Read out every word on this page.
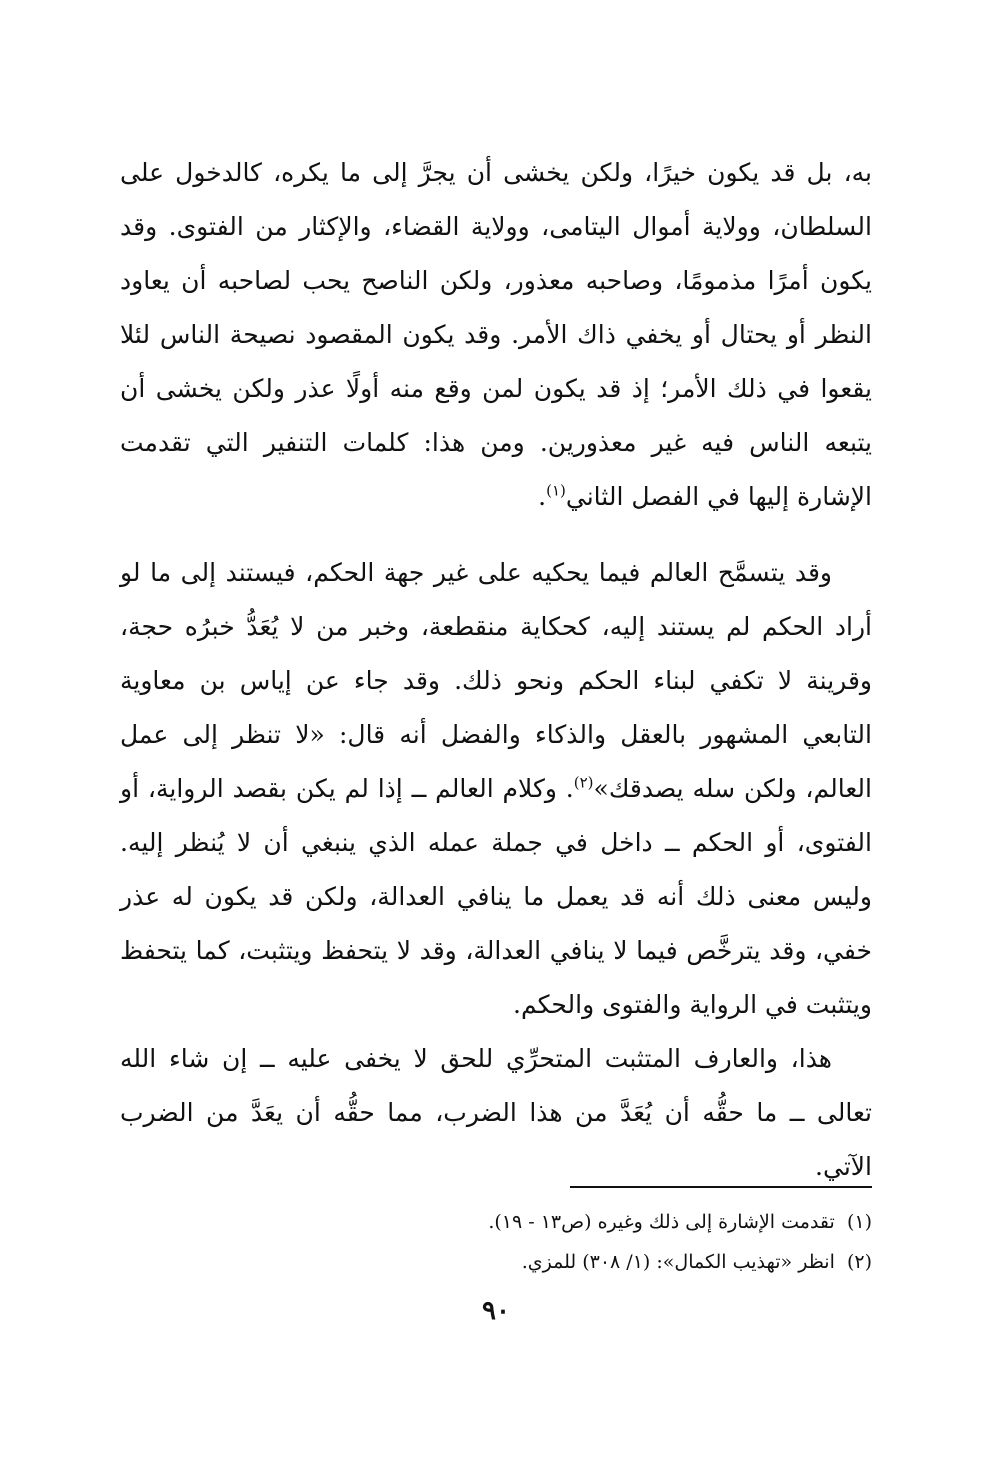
به، بل قد يكون خيرًا، ولكن يخشى أن يجرَّ إلى ما يكره، كالدخول على السلطان، وولاية أموال اليتامى، وولاية القضاء، والإكثار من الفتوى. وقد يكون أمرًا مذمومًا، وصاحبه معذور، ولكن الناصح يحب لصاحبه أن يعاود النظر أو يحتال أو يخفي ذاك الأمر. وقد يكون المقصود نصيحة الناس لئلا يقعوا في ذلك الأمر؛ إذ قد يكون لمن وقع منه أولًا عذر ولكن يخشى أن يتبعه الناس فيه غير معذورين. ومن هذا: كلمات التنفير التي تقدمت الإشارة إليها في الفصل الثاني$^{(١)}$.

وقد يتسمَّح العالم فيما يحكيه على غير جهة الحكم، فيستند إلى ما لو أراد الحكم لم يستند إليه، كحكاية منقطعة، وخبر من لا يُعَدُّ خبرُه حجة، وقرينة لا تكفي لبناء الحكم ونحو ذلك. وقد جاء عن إياس بن معاوية التابعي المشهور بالعقل والذكاء والفضل أنه قال: «لا تنظر إلى عمل العالم، ولكن سله يصدقك»$^{(٢)}$. وكلام العالم ــ إذا لم يكن بقصد الرواية، أو الفتوى، أو الحكم ــ داخل في جملة عمله الذي ينبغي أن لا يُنظر إليه. وليس معنى ذلك أنه قد يعمل ما ينافي العدالة، ولكن قد يكون له عذر خفي، وقد يترخَّص فيما لا ينافي العدالة، وقد لا يتحفظ ويتثبت، كما يتحفظ ويتثبت في الرواية والفتوى والحكم.

هذا، والعارف المتثبت المتحرِّي للحق لا يخفى عليه ــ إن شاء الله تعالى ــ ما حقُّه أن يُعَدَّ من هذا الضرب، مما حقُّه أن يعَدَّ من الضرب الآتي.

(١)  تقدمت الإشارة إلى ذلك وغيره (ص١٣ - ١٩).

(٢)  انظر «تهذيب الكمال»: (١/ ٣٠٨) للمزي.

٩٠
